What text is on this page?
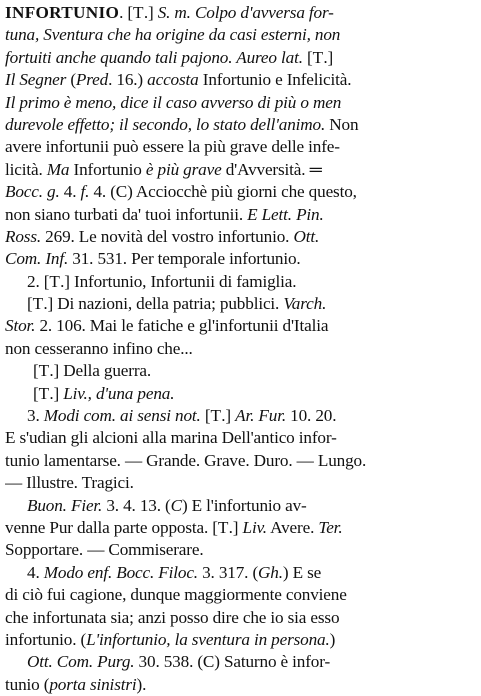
INFORTUNIO. [T.] S. m. Colpo d'avversa for-
tuna, Sventura che ha origine da casi esterni, non
fortuiti anche quando tali pajono. Aureo lat. [T.]
Il Segner (Pred. 16.) accosta Infortunio e Infelicità.
Il primo è meno, dice il caso avverso di più o men
durevole effetto; il secondo, lo stato dell'animo. Non
avere infortunii può essere la più grave delle infe-
licità. Ma Infortunio è più grave d'Avversità. ═
Bocc. g. 4. f. 4. (C) Acciocchè più giorni che questo,
non siano turbati da' tuoi infortunii. E Lett. Pin.
Ross. 269. Le novità del vostro infortunio. Ott.
Com. Inf. 31. 531. Per temporale infortunio.
2. [T.] Infortunio, Infortunii di famiglia.
[T.] Di nazioni, della patria; pubblici. Varch.
Stor. 2. 106. Mai le fatiche e gl'infortunii d'Italia
non cesseranno infino che...
[T.] Della guerra.
[T.] Liv., d'una pena.
3. Modi com. ai sensi not. [T.] Ar. Fur. 10. 20.
E s'udian gli alcioni alla marina Dell'antico infor-
tunio lamentarse. — Grande. Grave. Duro. — Lungo.
— Illustre. Tragici.
Buon. Fier. 3. 4. 13. (C) E l'infortunio av-
venne Pur dalla parte opposta. [T.] Liv. Avere. Ter.
Sopportare. — Commiserare.
4. Modo enf. Bocc. Filoc. 3. 317. (Gh.) E se
di ciò fui cagione, dunque maggiormente conviene
che infortunata sia; anzi posso dire che io sia esso
infortunio. (L'infortunio, la sventura in persona.)
Ott. Com. Purg. 30. 538. (C) Saturno è infor-
tunio (porta sinistri).
